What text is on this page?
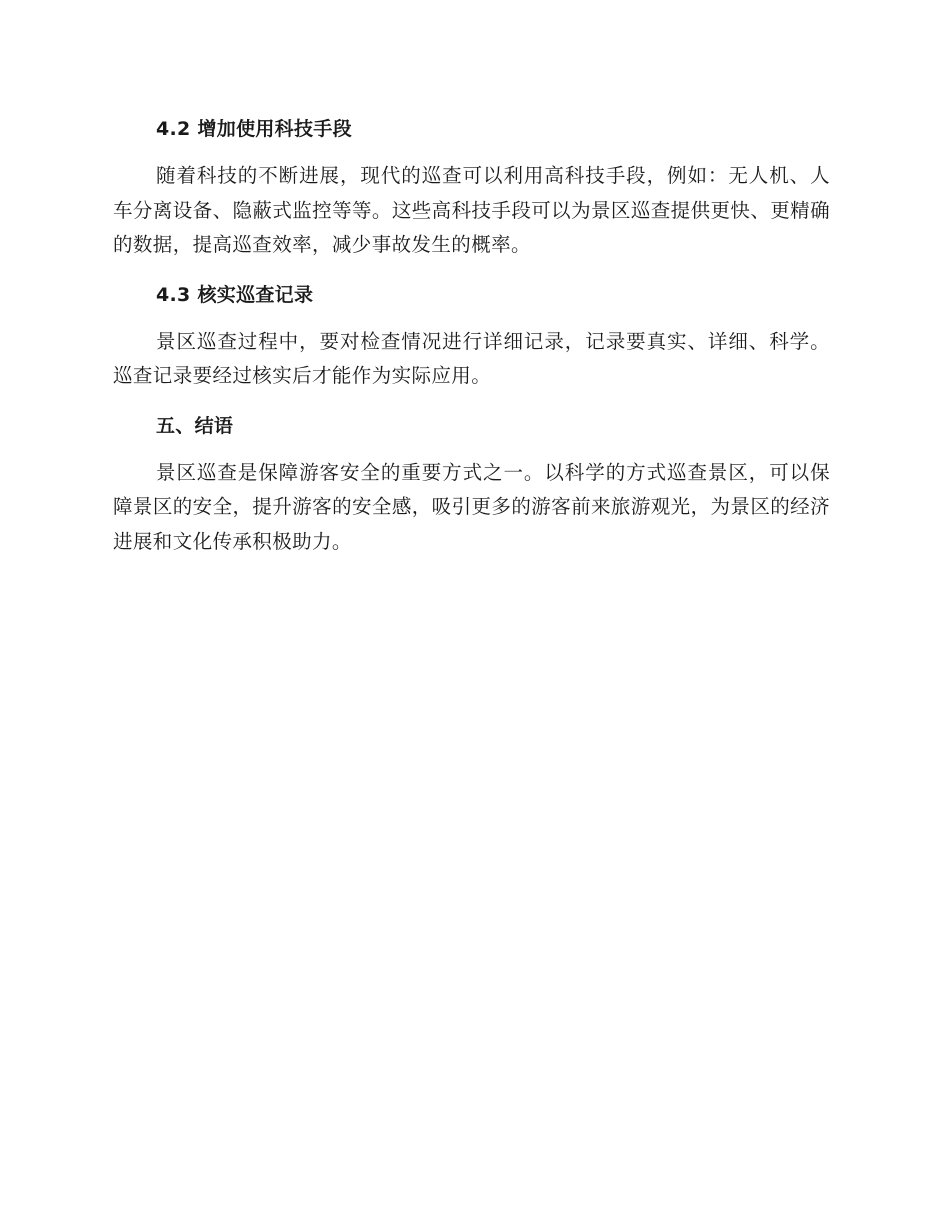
4.2 增加使用科技手段

随着科技的不断进展，现代的巡查可以利用高科技手段，例如：无人机、人车分离设备、隐蔽式监控等等。这些高科技手段可以为景区巡查提供更快、更精确的数据，提高巡查效率，减少事故发生的概率。

4.3 核实巡查记录

景区巡查过程中，要对检查情况进行详细记录，记录要真实、详细、科学。巡查记录要经过核实后才能作为实际应用。

五、结语

景区巡查是保障游客安全的重要方式之一。以科学的方式巡查景区，可以保障景区的安全，提升游客的安全感，吸引更多的游客前来旅游观光，为景区的经济进展和文化传承积极助力。
